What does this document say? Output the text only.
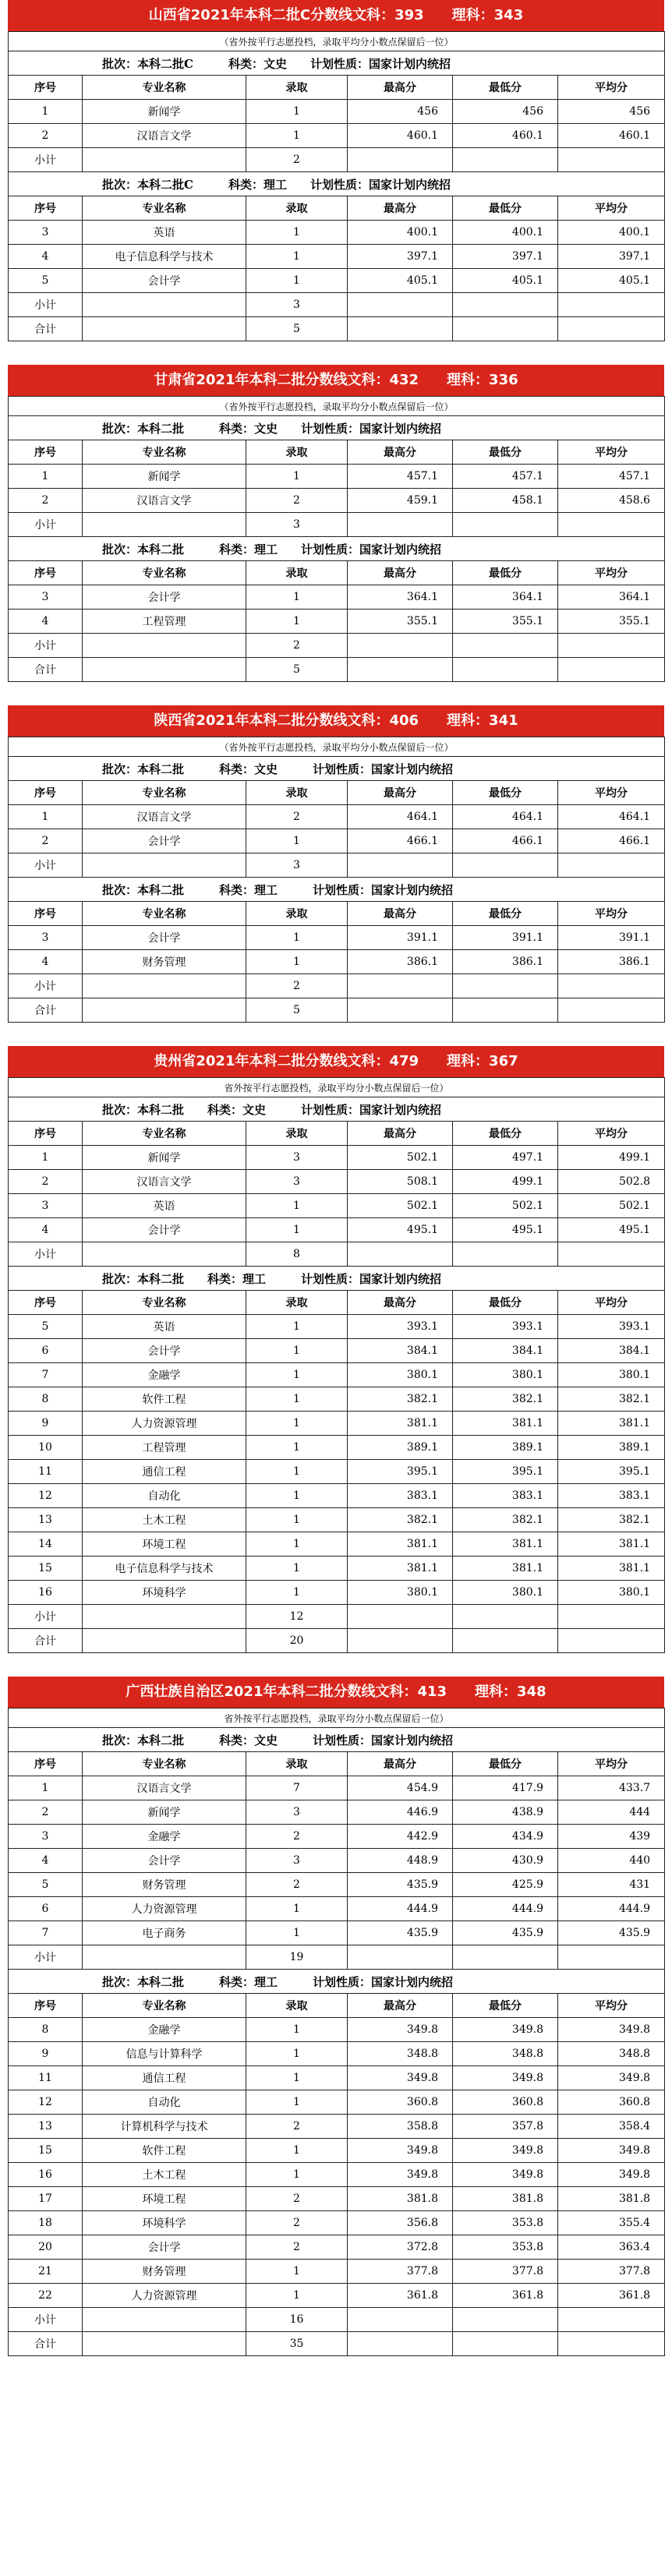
山西省2021年本科二批C分数线文科：393　　理科：343
（省外按平行志愿投档，录取平均分小数点保留后一位）					
批次：本科二批C　　　科类：文史　　计划性质：国家计划内统招					
序号	专业名称	录取	最高分	最低分	平均分
1	新闻学	1	456	456	456
2	汉语言文学	1	460.1	460.1	460.1
小计		2			
批次：本科二批C　　　科类：理工　　计划性质：国家计划内统招					
序号	专业名称	录取	最高分	最低分	平均分
3	英语	1	400.1	400.1	400.1
4	电子信息科学与技术	1	397.1	397.1	397.1
5	会计学	1	405.1	405.1	405.1
小计		3			
合计		5			
甘肃省2021年本科二批分数线文科：432　　理科：336
（省外按平行志愿投档，录取平均分小数点保留后一位）					
批次：本科二批　　　科类：文史　　计划性质：国家计划内统招					
序号	专业名称	录取	最高分	最低分	平均分
1	新闻学	1	457.1	457.1	457.1
2	汉语言文学	2	459.1	458.1	458.6
小计		3			
批次：本科二批　　　科类：理工　　计划性质：国家计划内统招					
序号	专业名称	录取	最高分	最低分	平均分
3	会计学	1	364.1	364.1	364.1
4	工程管理	1	355.1	355.1	355.1
小计		2			
合计		5			
陕西省2021年本科二批分数线文科：406　　理科：341
（省外按平行志愿投档，录取平均分小数点保留后一位）					
批次：本科二批　　　科类：文史　　　计划性质：国家计划内统招					
序号	专业名称	录取	最高分	最低分	平均分
1	汉语言文学	2	464.1	464.1	464.1
2	会计学	1	466.1	466.1	466.1
小计		3			
批次：本科二批　　　科类：理工　　　计划性质：国家计划内统招					
序号	专业名称	录取	最高分	最低分	平均分
3	会计学	1	391.1	391.1	391.1
4	财务管理	1	386.1	386.1	386.1
小计		2			
合计		5			
贵州省2021年本科二批分数线文科：479　　理科：367
省外按平行志愿投档，录取平均分小数点保留后一位）					
批次：本科二批　　科类：文史　　　计划性质：国家计划内统招					
序号	专业名称	录取	最高分	最低分	平均分
1	新闻学	3	502.1	497.1	499.1
2	汉语言文学	3	508.1	499.1	502.8
3	英语	1	502.1	502.1	502.1
4	会计学	1	495.1	495.1	495.1
小计		8			
批次：本科二批　　科类：理工　　　计划性质：国家计划内统招					
序号	专业名称	录取	最高分	最低分	平均分
5	英语	1	393.1	393.1	393.1
6	会计学	1	384.1	384.1	384.1
7	金融学	1	380.1	380.1	380.1
8	软件工程	1	382.1	382.1	382.1
9	人力资源管理	1	381.1	381.1	381.1
10	工程管理	1	389.1	389.1	389.1
11	通信工程	1	395.1	395.1	395.1
12	自动化	1	383.1	383.1	383.1
13	土木工程	1	382.1	382.1	382.1
14	环境工程	1	381.1	381.1	381.1
15	电子信息科学与技术	1	381.1	381.1	381.1
16	环境科学	1	380.1	380.1	380.1
小计		12			
合计		20			
广西壮族自治区2021年本科二批分数线文科：413　　理科：348
省外按平行志愿投档，录取平均分小数点保留后一位）					
批次：本科二批　　　科类：文史　　　计划性质：国家计划内统招					
序号	专业名称	录取	最高分	最低分	平均分
1	汉语言文学	7	454.9	417.9	433.7
2	新闻学	3	446.9	438.9	444
3	金融学	2	442.9	434.9	439
4	会计学	3	448.9	430.9	440
5	财务管理	2	435.9	425.9	431
6	人力资源管理	1	444.9	444.9	444.9
7	电子商务	1	435.9	435.9	435.9
小计		19			
批次：本科二批　　　科类：理工　　　计划性质：国家计划内统招					
序号	专业名称	录取	最高分	最低分	平均分
8	金融学	1	349.8	349.8	349.8
9	信息与计算科学	1	348.8	348.8	348.8
11	通信工程	1	349.8	349.8	349.8
12	自动化	1	360.8	360.8	360.8
13	计算机科学与技术	2	358.8	357.8	358.4
15	软件工程	1	349.8	349.8	349.8
16	土木工程	1	349.8	349.8	349.8
17	环境工程	2	381.8	381.8	381.8
18	环境科学	2	356.8	353.8	355.4
20	会计学	2	372.8	353.8	363.4
21	财务管理	1	377.8	377.8	377.8
22	人力资源管理	1	361.8	361.8	361.8
小计		16			
合计		35			
